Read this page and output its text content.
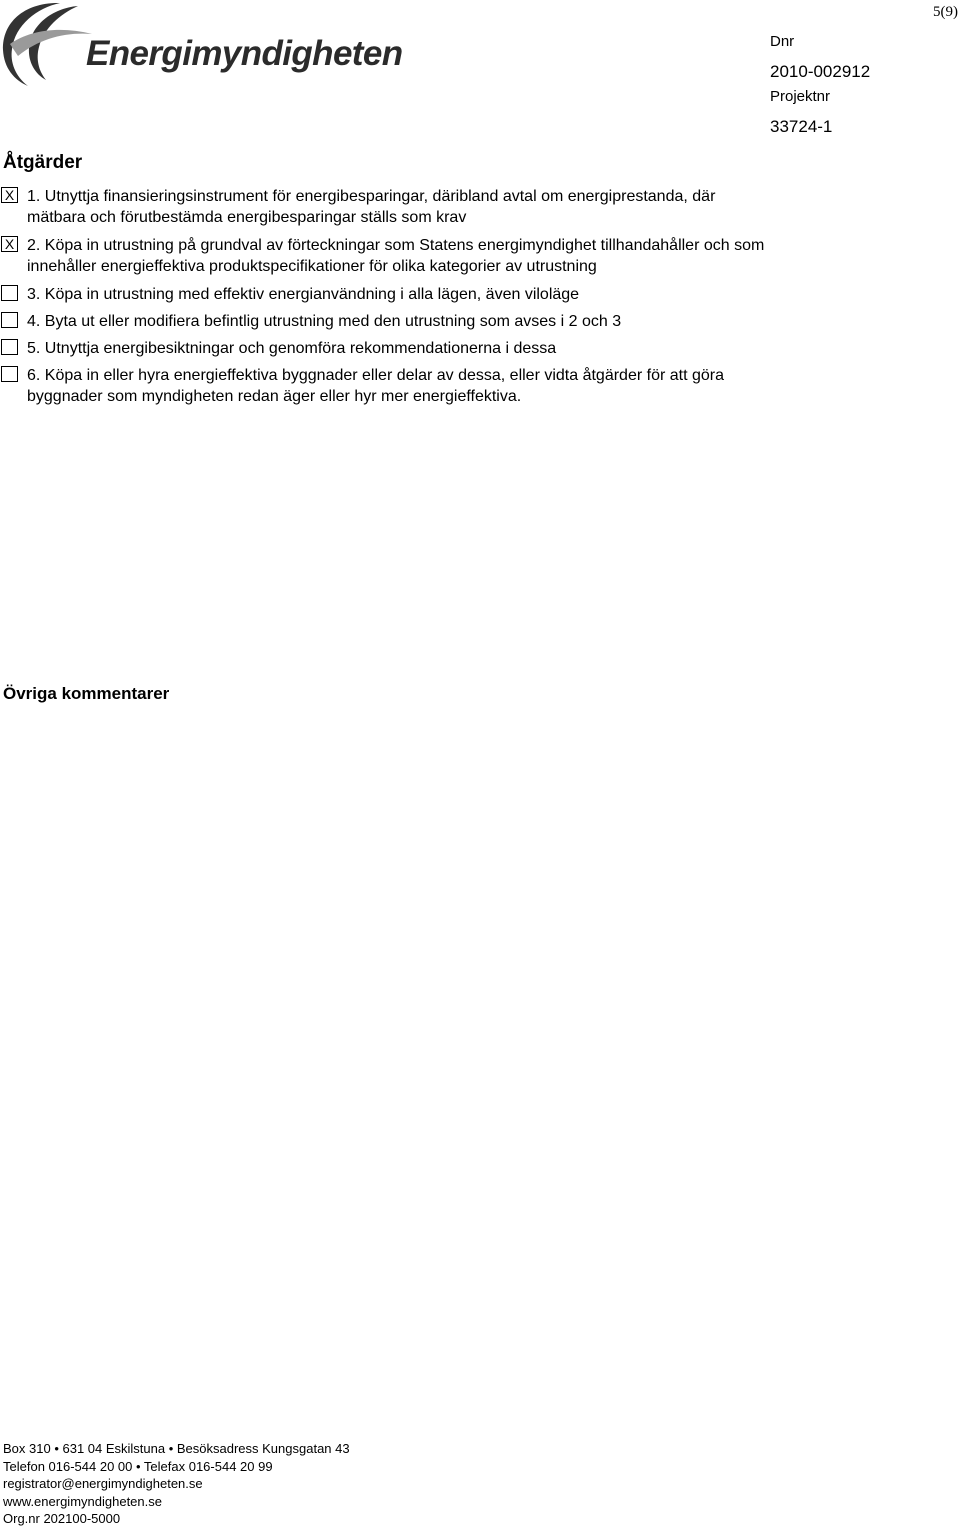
5(9)
Energimyndigheten	Dnr
2010-002912
Projektnr
33724-1
Åtgärder
X 1. Utnyttja finansieringsinstrument för energibesparingar, däribland avtal om energiprestanda, där mätbara och förutbestämda energibesparingar ställs som krav
X 2. Köpa in utrustning på grundval av förteckningar som Statens energimyndighet tillhandahåller och som innehåller energieffektiva produktspecifikationer för olika kategorier av utrustning
3. Köpa in utrustning med effektiv energianvändning i alla lägen, även viloläge
4. Byta ut eller modifiera befintlig utrustning med den utrustning som avses i 2 och 3
5. Utnyttja energibesiktningar och genomföra rekommendationerna i dessa
6. Köpa in eller hyra energieffektiva byggnader eller delar av dessa, eller vidta åtgärder för att göra byggnader som myndigheten redan äger eller hyr mer energieffektiva.
Övriga kommentarer
Box 310 • 631 04 Eskilstuna • Besöksadress Kungsgatan 43
Telefon 016-544 20 00 • Telefax 016-544 20 99
registrator@energimyndigheten.se
www.energimyndigheten.se
Org.nr 202100-5000
